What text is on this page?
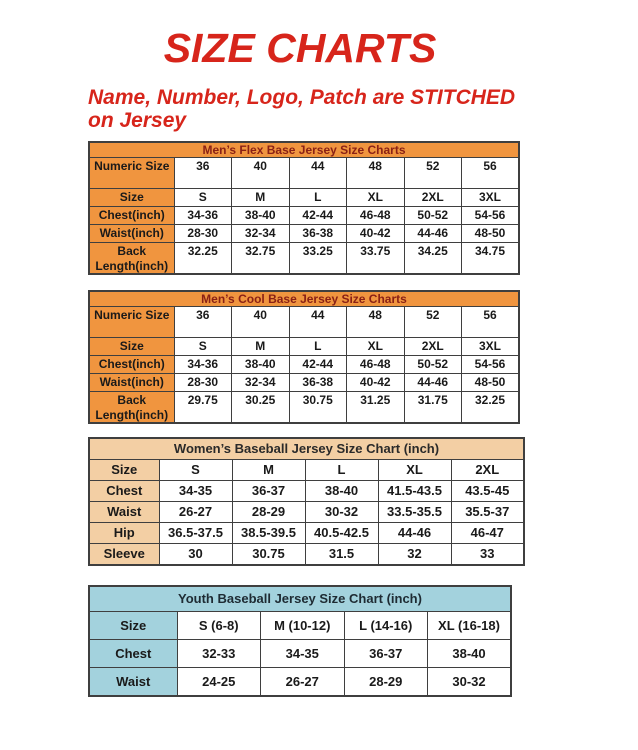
SIZE CHARTS
Name, Number, Logo, Patch are STITCHED
on Jersey
Men’s Flex Base Jersey Size Charts						
Numeric Size	36	40	44	48	52	56
Size	S	M	L	XL	2XL	3XL
Chest(inch)	34-36	38-40	42-44	46-48	50-52	54-56
Waist(inch)	28-30	32-34	36-38	40-42	44-46	48-50
Back Length(inch)	32.25	32.75	33.25	33.75	34.25	34.75
Men’s Cool Base Jersey Size Charts						
Numeric Size	36	40	44	48	52	56
Size	S	M	L	XL	2XL	3XL
Chest(inch)	34-36	38-40	42-44	46-48	50-52	54-56
Waist(inch)	28-30	32-34	36-38	40-42	44-46	48-50
Back Length(inch)	29.75	30.25	30.75	31.25	31.75	32.25
Women’s Baseball Jersey Size Chart (inch)					
Size	S	M	L	XL	2XL
Chest	34-35	36-37	38-40	41.5-43.5	43.5-45
Waist	26-27	28-29	30-32	33.5-35.5	35.5-37
Hip	36.5-37.5	38.5-39.5	40.5-42.5	44-46	46-47
Sleeve	30	30.75	31.5	32	33
Youth Baseball Jersey Size Chart (inch)				
Size	S (6-8)	M (10-12)	L (14-16)	XL (16-18)
Chest	32-33	34-35	36-37	38-40
Waist	24-25	26-27	28-29	30-32
